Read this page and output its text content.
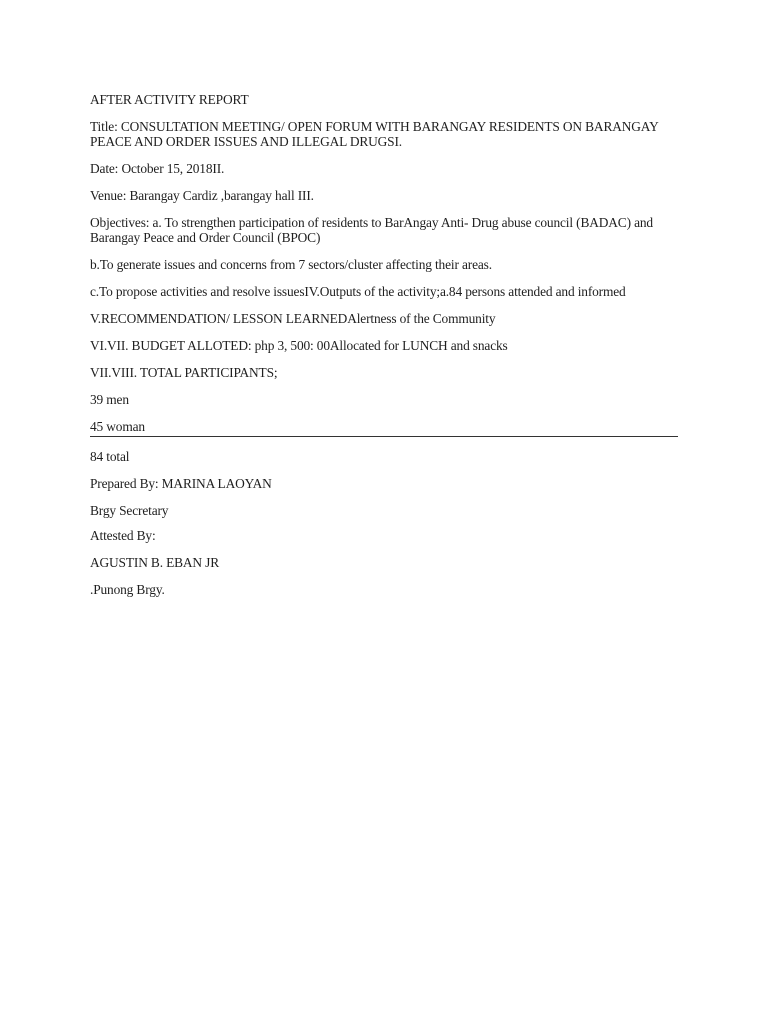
AFTER ACTIVITY REPORT

Title: CONSULTATION MEETING/ OPEN FORUM WITH BARANGAY RESIDENTS ON BARANGAY PEACE AND ORDER ISSUES AND ILLEGAL DRUGSI.

Date: October 15, 2018II.

Venue: Barangay Cardiz ,barangay hall III.

Objectives: a. To strengthen participation of residents to BarAngay Anti- Drug abuse council (BADAC) and Barangay Peace and Order Council (BPOC)

b.To generate issues and concerns from 7 sectors/cluster affecting their areas.

c.To propose activities and resolve issuesIV.Outputs of the activity;a.84 persons attended and informed

V.RECOMMENDATION/ LESSON LEARNEDAlertness of the Community

VI.VII. BUDGET ALLOTED: php 3, 500: 00Allocated for LUNCH and snacks

VII.VIII. TOTAL PARTICIPANTS;

39 men

45 woman

84 total

Prepared By: MARINA LAOYAN

Brgy Secretary

Attested By:

AGUSTIN B. EBAN JR

.Punong Brgy.
